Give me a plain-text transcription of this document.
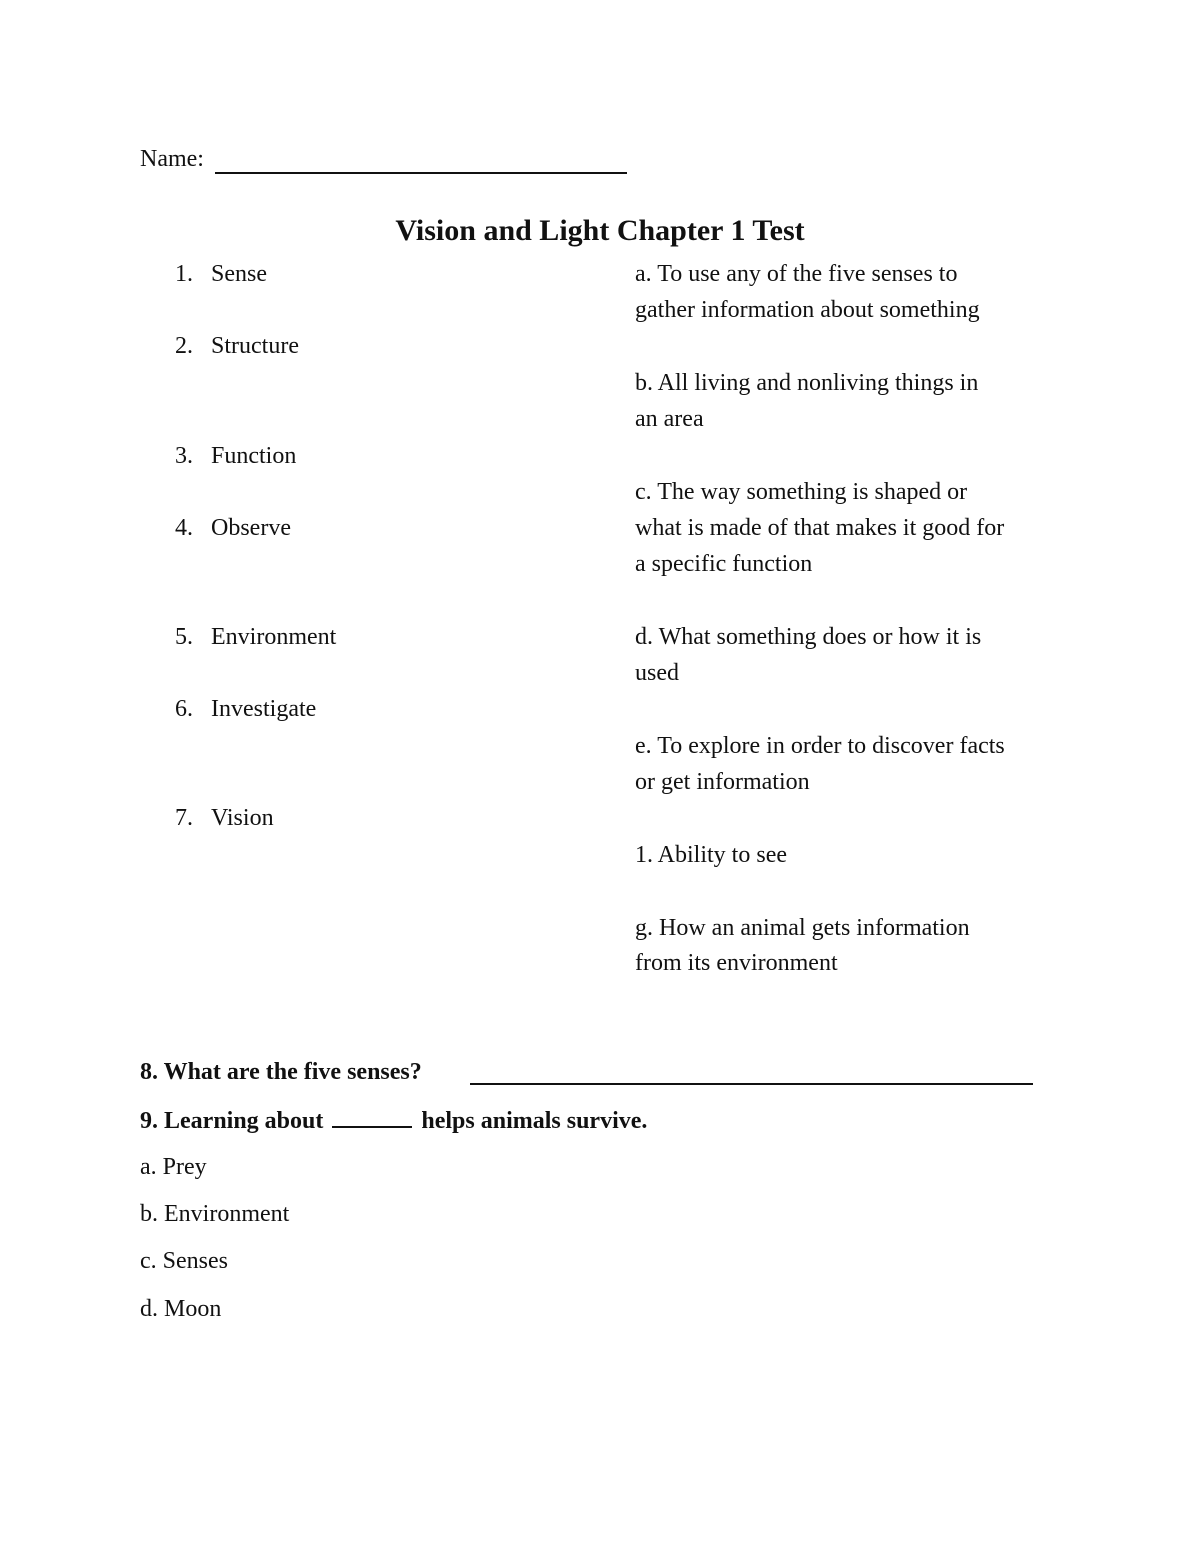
Name:
Vision and Light Chapter 1 Test
1. Sense
2. Structure
3. Function
4. Observe
5. Environment
6. Investigate
7. Vision
a. To use any of the five senses to
gather information about something
b. All living and nonliving things in
an area
c. The way something is shaped or
what is made of that makes it good for
a specific function
d. What something does or how it is
used
e. To explore in order to discover facts
or get information
1. Ability to see
g. How an animal gets information
from its environment
8. What are the five senses?
9. Learning about	helps animals survive.
a. Prey
b. Environment
c. Senses
d. Moon
